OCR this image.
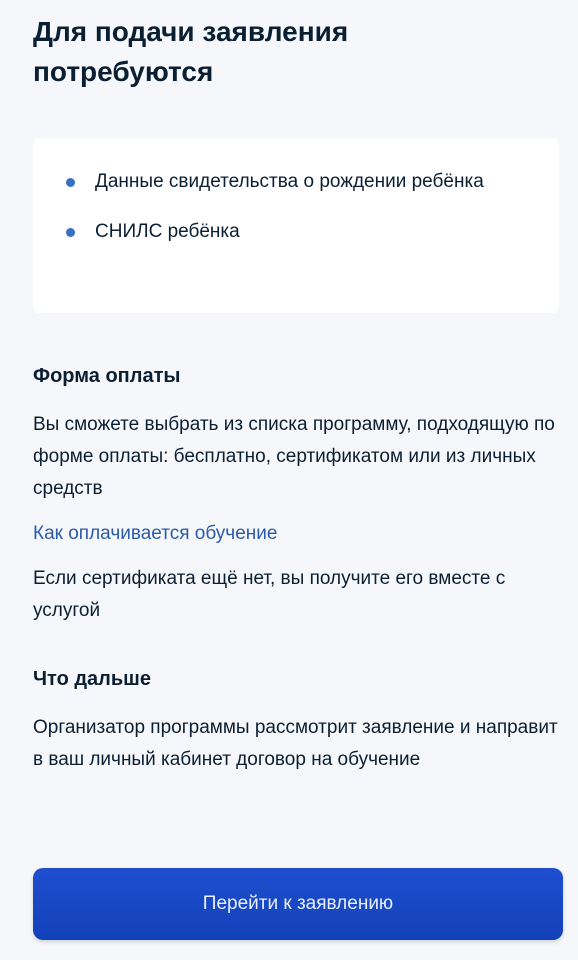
Для подачи заявления потребуются
Данные свидетельства о рождении ребёнка
СНИЛС ребёнка
Форма оплаты

Вы сможете выбрать из списка программу, подходящую по форме оплаты: бесплатно, сертификатом или из личных средств

Как оплачивается обучение

Если сертификата ещё нет, вы получите его вместе с услугой

Что дальше

Организатор программы рассмотрит заявление и направит в ваш личный кабинет договор на обучение

Перейти к заявлению
